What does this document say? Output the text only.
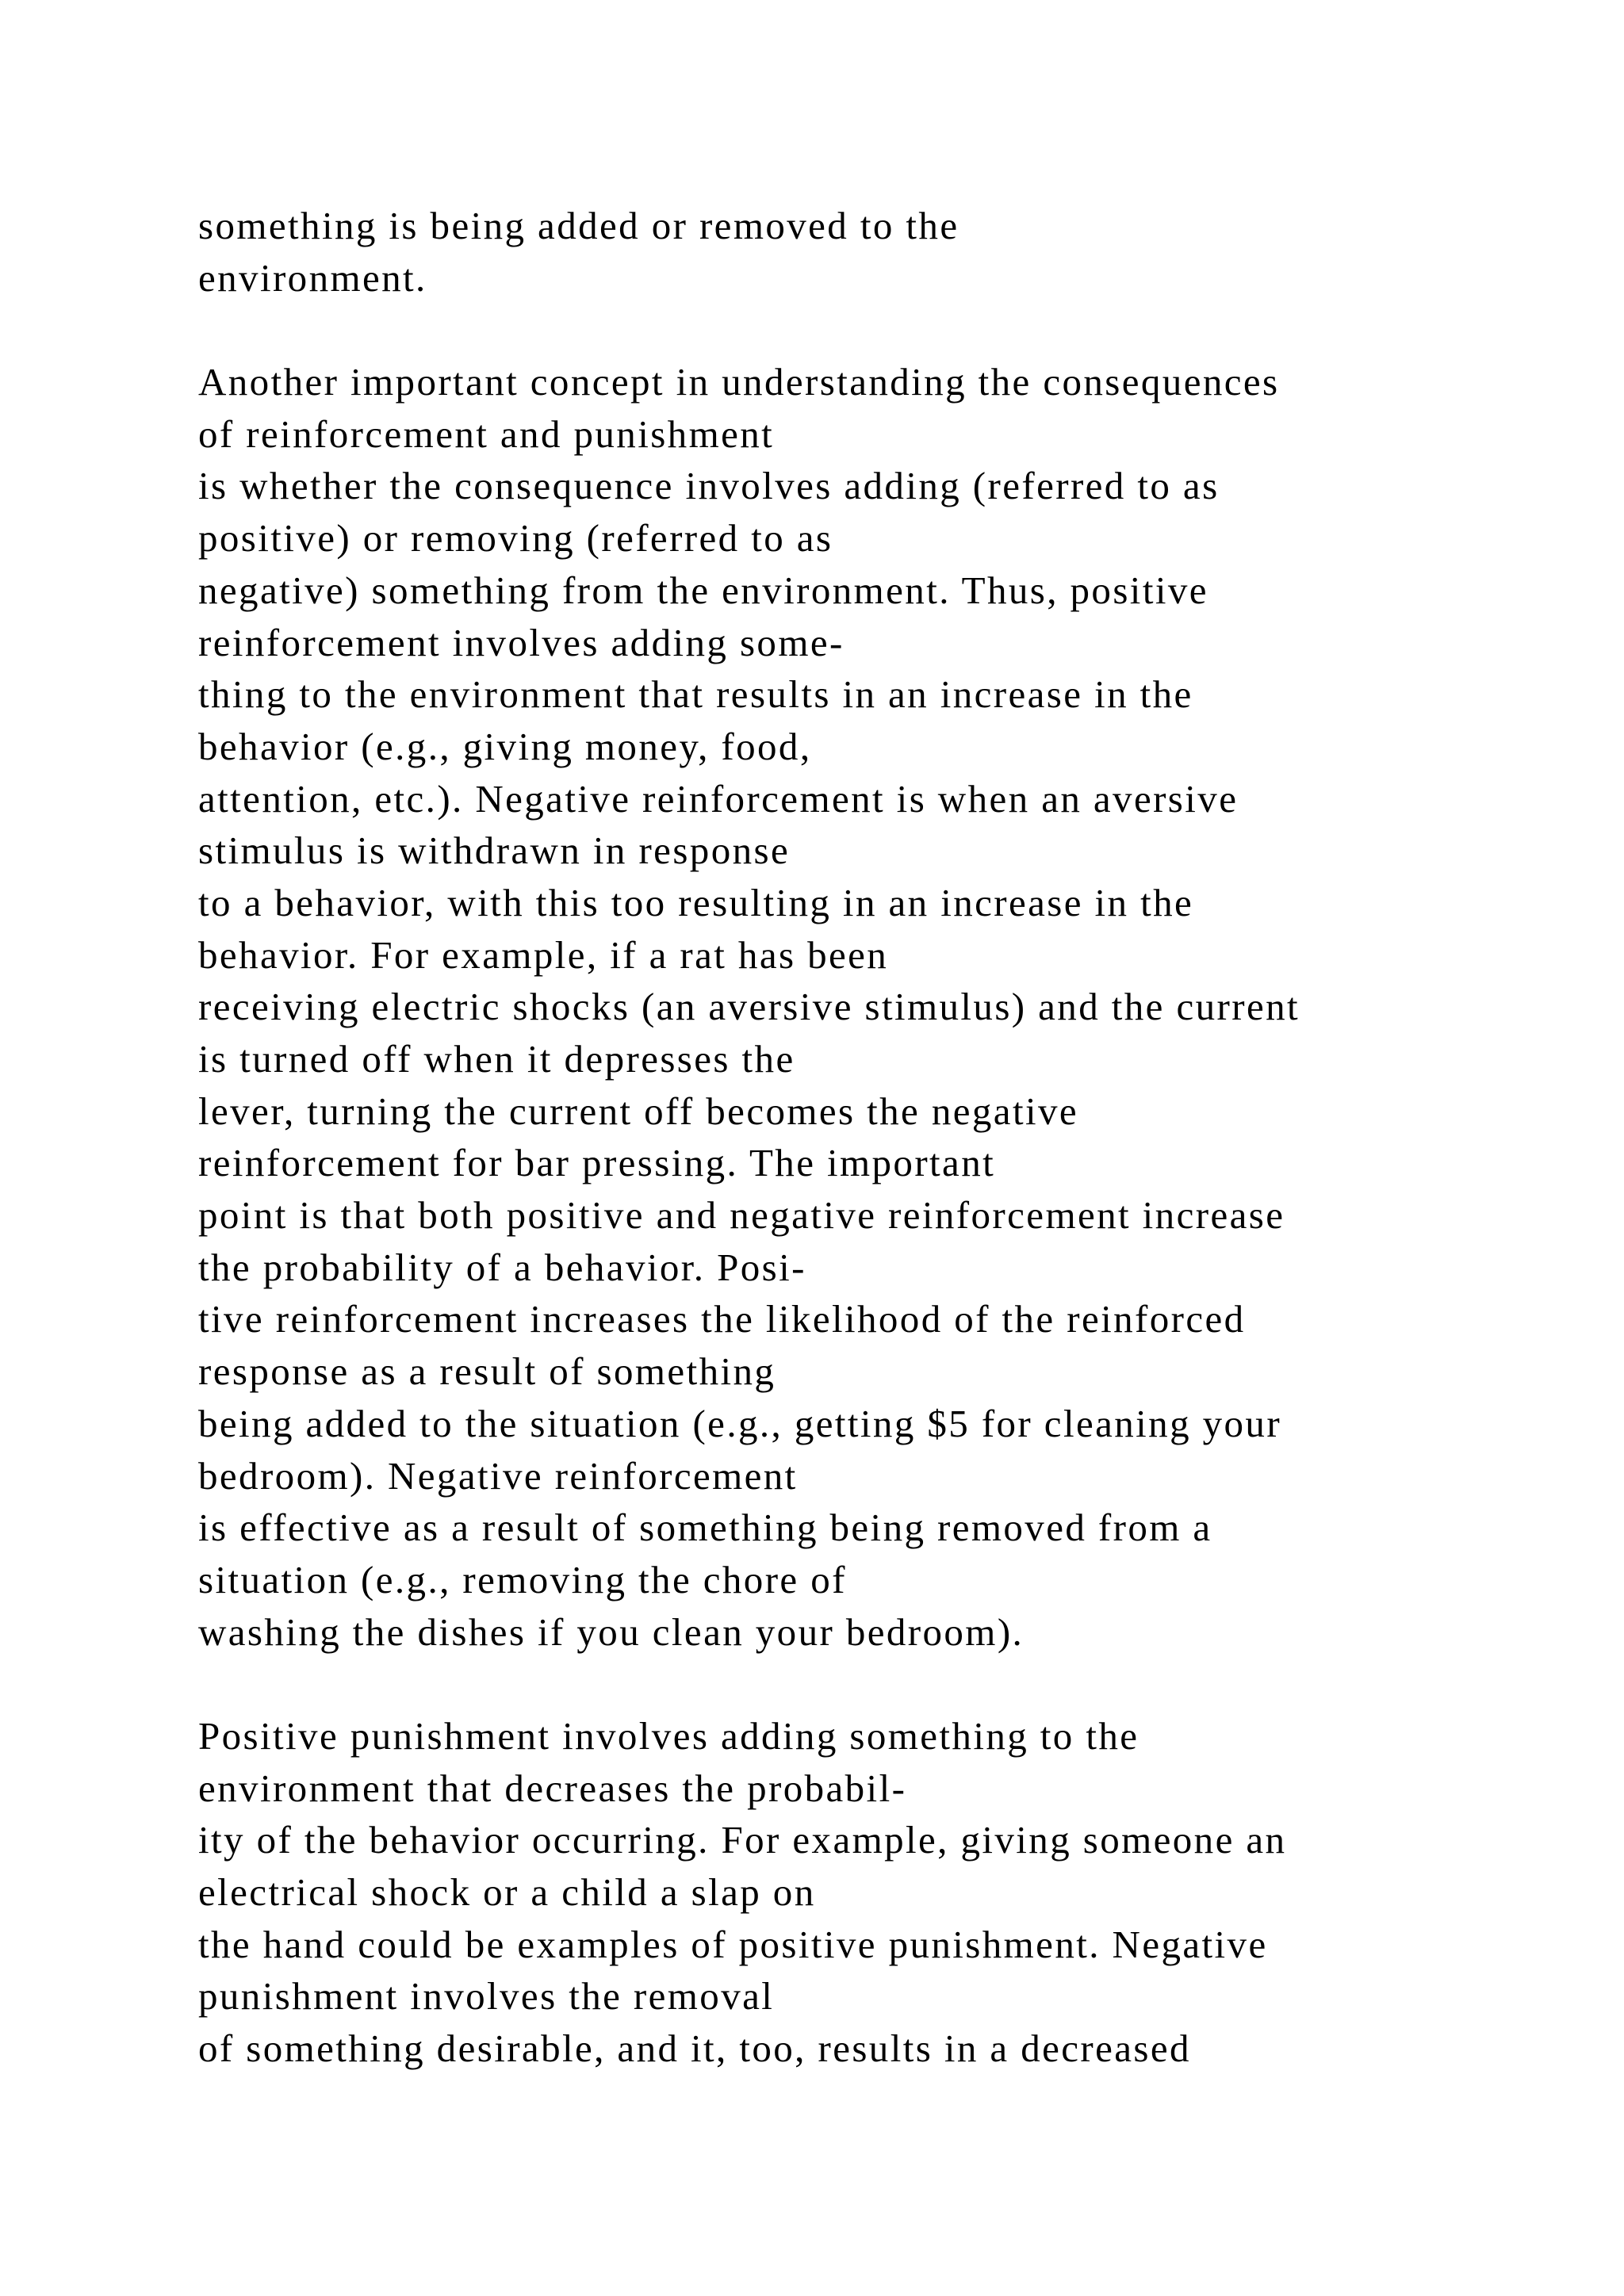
something is being added or removed to the
environment.
Another important concept in understanding the consequences
of reinforcement and punishment
is whether the consequence involves adding (referred to as
positive) or removing (referred to as
negative) something from the environment. Thus, positive
reinforcement involves adding some-
thing to the environment that results in an increase in the
behavior (e.g., giving money, food,
attention, etc.). Negative reinforcement is when an aversive
stimulus is withdrawn in response
to a behavior, with this too resulting in an increase in the
behavior. For example, if a rat has been
receiving electric shocks (an aversive stimulus) and the current
is turned off when it depresses the
lever, turning the current off becomes the negative
reinforcement for bar pressing. The important
point is that both positive and negative reinforcement increase
the probability of a behavior. Posi-
tive reinforcement increases the likelihood of the reinforced
response as a result of something
being added to the situation (e.g., getting $5 for cleaning your
bedroom). Negative reinforcement
is effective as a result of something being removed from a
situation (e.g., removing the chore of
washing the dishes if you clean your bedroom).
Positive punishment involves adding something to the
environment that decreases the probabil-
ity of the behavior occurring. For example, giving someone an
electrical shock or a child a slap on
the hand could be examples of positive punishment. Negative
punishment involves the removal
of something desirable, and it, too, results in a decreased
